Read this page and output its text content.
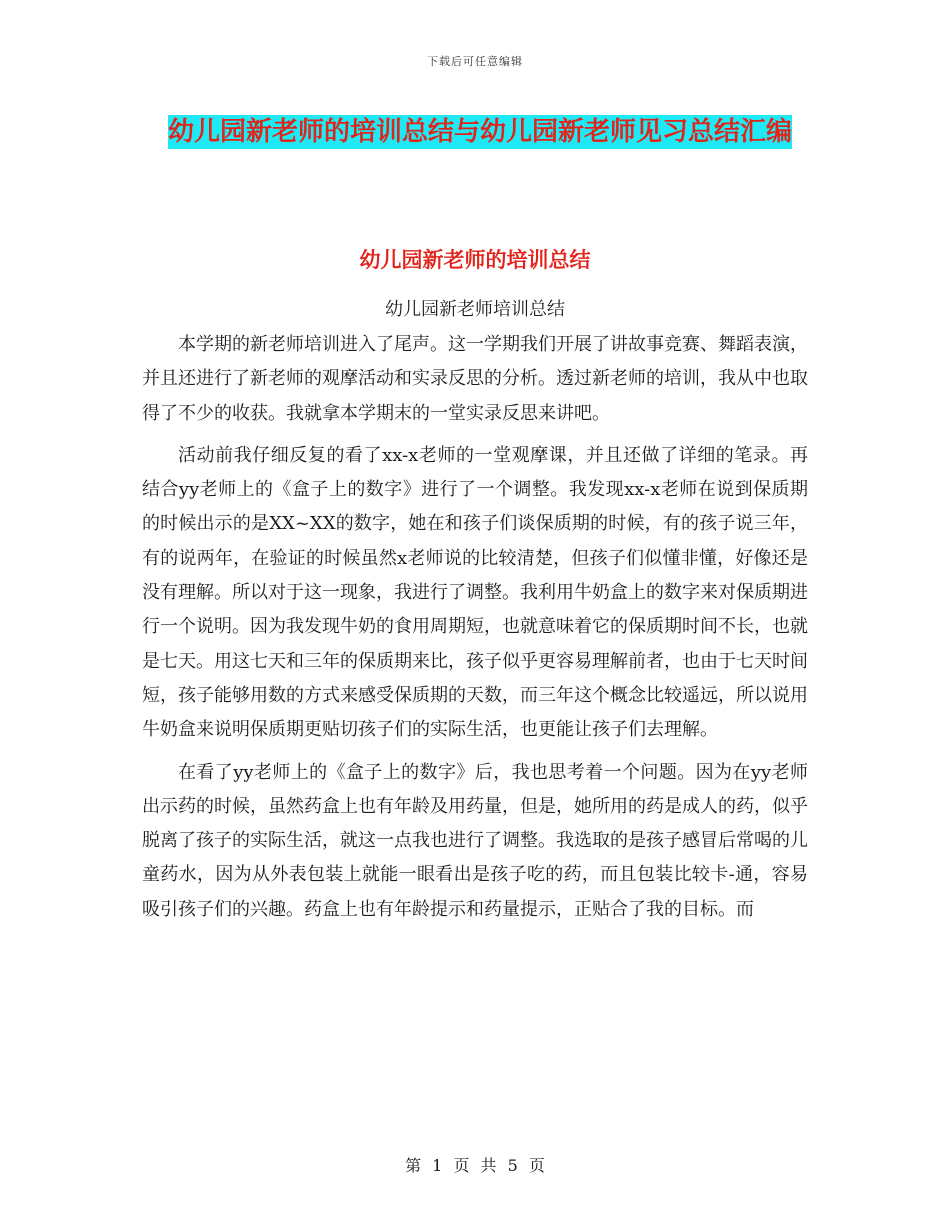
下载后可任意编辑
幼儿园新老师的培训总结与幼儿园新老师见习总结汇编
幼儿园新老师的培训总结
幼儿园新老师培训总结

本学期的新老师培训进入了尾声。这一学期我们开展了讲故事竞赛、舞蹈表演，并且还进行了新老师的观摩活动和实录反思的分析。透过新老师的培训，我从中也取得了不少的收获。我就拿本学期末的一堂实录反思来讲吧。

活动前我仔细反复的看了xx-x老师的一堂观摩课，并且还做了详细的笔录。再结合yy老师上的《盒子上的数字》进行了一个调整。我发现xx-x老师在说到保质期的时候出示的是XX~XX的数字，她在和孩子们谈保质期的时候，有的孩子说三年，有的说两年，在验证的时候虽然x老师说的比较清楚，但孩子们似懂非懂，好像还是没有理解。所以对于这一现象，我进行了调整。我利用牛奶盒上的数字来对保质期进行一个说明。因为我发现牛奶的食用周期短，也就意味着它的保质期时间不长，也就是七天。用这七天和三年的保质期来比，孩子似乎更容易理解前者，也由于七天时间短，孩子能够用数的方式来感受保质期的天数，而三年这个概念比较遥远，所以说用牛奶盒来说明保质期更贴切孩子们的实际生活，也更能让孩子们去理解。

在看了yy老师上的《盒子上的数字》后，我也思考着一个问题。因为在yy老师出示药的时候，虽然药盒上也有年龄及用药量，但是，她所用的药是成人的药，似乎脱离了孩子的实际生活，就这一点我也进行了调整。我选取的是孩子感冒后常喝的儿童药水，因为从外表包装上就能一眼看出是孩子吃的药，而且包装比较卡-通，容易吸引孩子们的兴趣。药盒上也有年龄提示和药量提示，正贴合了我的目标。而

第 1 页 共 5 页
